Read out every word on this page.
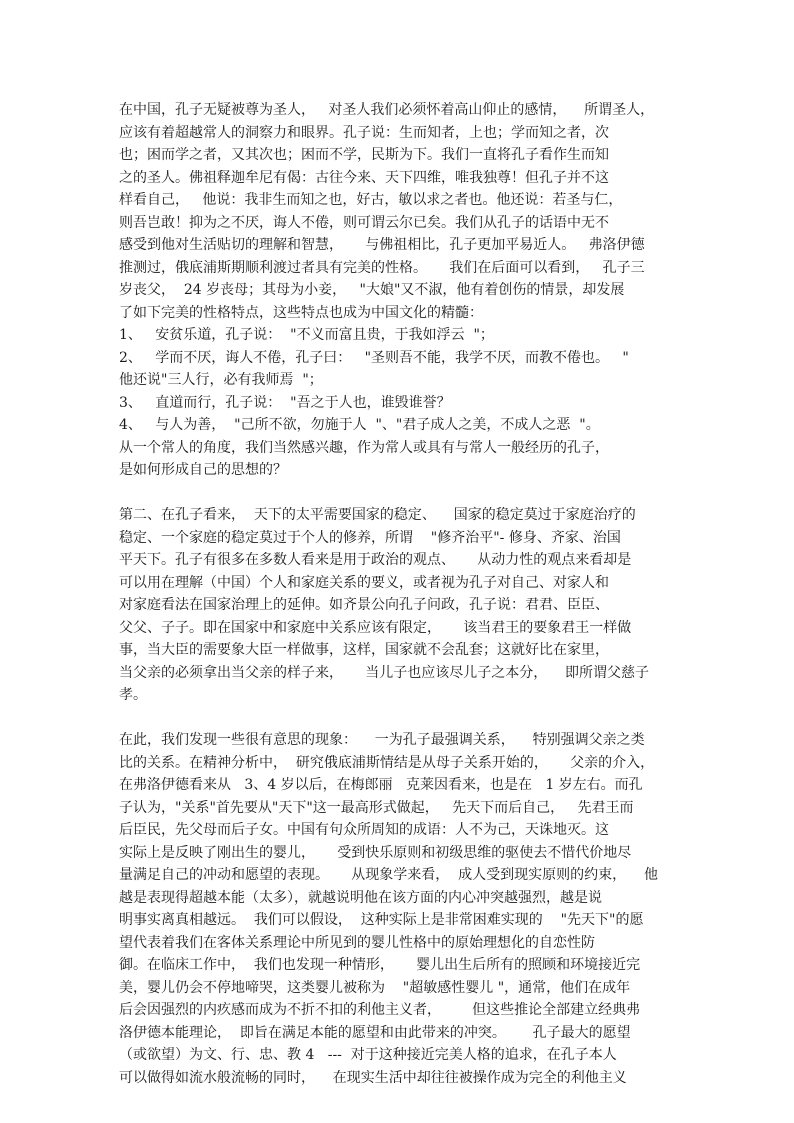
在中国，孔子无疑被尊为圣人，   对圣人我们必须怀着高山仰止的感情，    所谓圣人，
应该有着超越常人的洞察力和眼界。孔子说：生而知者，上也；学而知之者，次
也；困而学之者，又其次也；困而不学，民斯为下。我们一直将孔子看作生而知
之的圣人。佛祖释迦牟尼有偈：古往今来、天下四维，唯我独尊！但孔子并不这
样看自己，   他说：我非生而知之也，好古，敏以求之者也。他还说：若圣与仁，
则吾岂敢！抑为之不厌，诲人不倦，则可谓云尔已矣。我们从孔子的话语中无不
感受到他对生活贴切的理解和智慧，     与佛祖相比，孔子更加平易近人。   弗洛伊德
推测过，俄底浦斯期顺利渡过者具有完美的性格。     我们在后面可以看到，   孔子三
岁丧父，  24 岁丧母；其母为小妾，   "大娘"又不淑，他有着创伤的情景，却发展
了如下完美的性格特点，这些特点也成为中国文化的精髓：
1、   安贫乐道，孔子说：  "不义而富且贵，于我如浮云  "；
2、   学而不厌，诲人不倦，孔子曰：   "圣则吾不能，我学不厌，而教不倦也。   "
他还说"三人行，必有我师焉  "；
3、   直道而行，孔子说：  "吾之于人也，谁毁谁誉？
4、   与人为善，  "己所不欲，勿施于人  "、"君子成人之美，不成人之恶  "。
从一个常人的角度，我们当然感兴趣，作为常人或具有与常人一般经历的孔子，
是如何形成自己的思想的？
第二、在孔子看来，  天下的太平需要国家的稳定、    国家的稳定莫过于家庭治疗的
稳定、一个家庭的稳定莫过于个人的修养，所谓    "修齐治平"- 修身、齐家、治国
平天下。孔子有很多在多数人看来是用于政治的观点、     从动力性的观点来看却是
可以用在理解（中国）个人和家庭关系的要义，或者视为孔子对自己、对家人和
对家庭看法在国家治理上的延伸。如齐景公向孔子问政，孔子说：君君、臣臣、
父父、子子。即在国家中和家庭中关系应该有限定，     该当君王的要象君王一样做
事，当大臣的需要象大臣一样做事，这样，国家就不会乱套；这就好比在家里，
当父亲的必须拿出当父亲的样子来，     当儿子也应该尽儿子之本分，    即所谓父慈子
孝。
在此，我们发现一些很有意思的现象：    一为孔子最强调关系，    特别强调父亲之类
比的关系。在精神分析中，  研究俄底浦斯情结是从母子关系开始的，     父亲的介入，
在弗洛伊德看来从   3、4 岁以后，在梅郎丽   克莱因看来，也是在   1 岁左右。而孔
子认为，"关系"首先要从"天下"这一最高形式做起，   先天下而后自己，   先君王而
后臣民，先父母而后子女。中国有句众所周知的成语：人不为己，天诛地灭。这
实际上是反映了刚出生的婴儿，     受到快乐原则和初级思维的驱使去不惜代价地尽
量满足自己的冲动和愿望的表现。     从现象学来看，  成人受到现实原则的约束，    他
越是表现得超越本能（太多），就越说明他在该方面的内心冲突越强烈，越是说
明事实离真相越远。  我们可以假设，  这种实际上是非常困难实现的    "先天下"的愿
望代表着我们在客体关系理论中所见到的婴儿性格中的原始理想化的自恋性防
御。在临床工作中，  我们也发现一种情形，     婴儿出生后所有的照顾和环境接近完
美，婴儿仍会不停地啼哭，这类婴儿被称为    "超敏感性婴儿 "，通常，他们在成年
后会因强烈的内疚感而成为不折不扣的利他主义者，       但这些推论全部建立经典弗
洛伊德本能理论，  即旨在满足本能的愿望和由此带来的冲突。      孔子最大的愿望
（或欲望）为文、行、忠、教 4   ---  对于这种接近完美人格的追求，在孔子本人
可以做得如流水般流畅的同时，    在现实生活中却往往被操作成为完全的利他主义
